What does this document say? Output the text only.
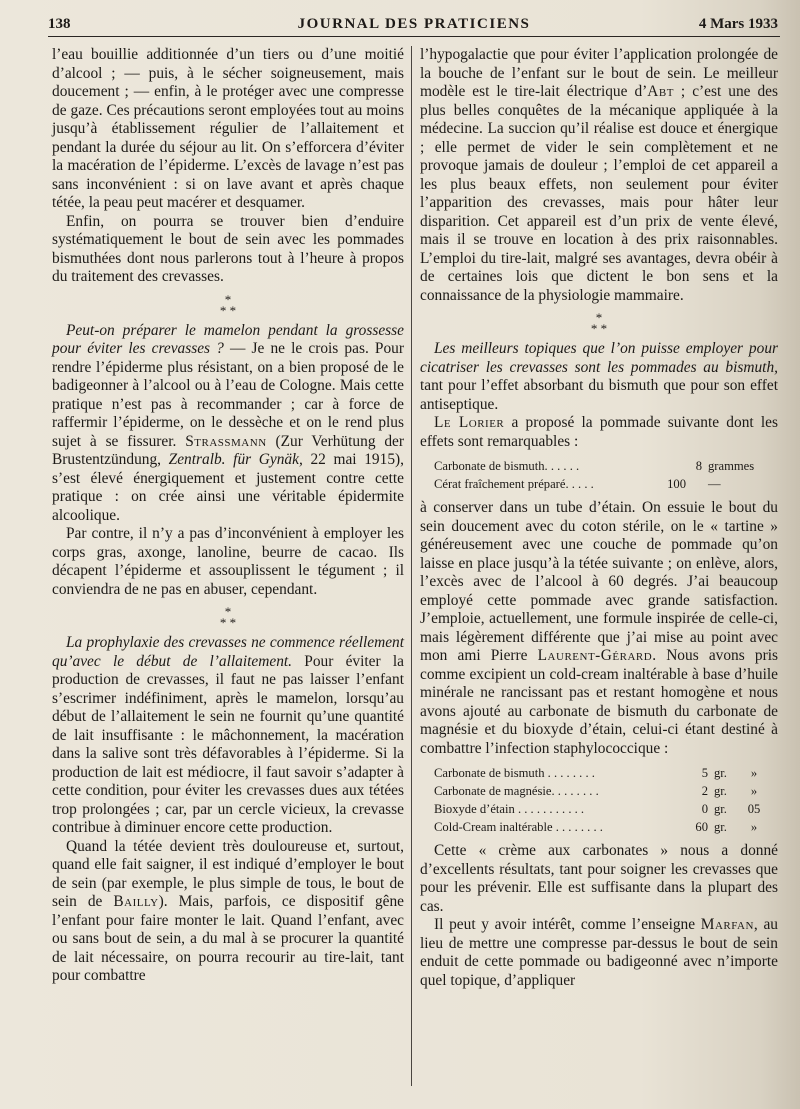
138	JOURNAL DES PRATICIENS	4 Mars 1933

l’eau bouillie additionnée d’un tiers ou d’une moitié d’alcool ; — puis, à le sécher soigneusement, mais doucement ; — enfin, à le protéger avec une compresse de gaze. Ces précautions seront employées tout au moins jusqu’à établissement régulier de l’allaitement et pendant la durée du séjour au lit. On s’efforcera d’éviter la macération de l’épiderme. L’excès de lavage n’est pas sans inconvénient : si on lave avant et après chaque tétée, la peau peut macérer et desquamer.

Enfin, on pourra se trouver bien d’enduire systématiquement le bout de sein avec les pommades bismuthées dont nous parlerons tout à l’heure à propos du traitement des crevasses.

*
* *

Peut-on préparer le mamelon pendant la grossesse pour éviter les crevasses ? — Je ne le crois pas. Pour rendre l’épiderme plus résistant, on a bien proposé de le badigeonner à l’alcool ou à l’eau de Cologne. Mais cette pratique n’est pas à recommander ; car à force de raffermir l’épiderme, on le dessèche et on le rend plus sujet à se fissurer. Strassmann (Zur Verhütung der Brustentzündung, Zentralb. für Gynäk, 22 mai 1915), s’est élevé énergiquement et justement contre cette pratique : on crée ainsi une véritable épidermite alcoolique.

Par contre, il n’y a pas d’inconvénient à employer les corps gras, axonge, lanoline, beurre de cacao. Ils décapent l’épiderme et assouplissent le tégument ; il conviendra de ne pas en abuser, cependant.

*
* *

La prophylaxie des crevasses ne commence réellement qu’avec le début de l’allaitement. Pour éviter la production de crevasses, il faut ne pas laisser l’enfant s’escrimer indéfiniment, après le mamelon, lorsqu’au début de l’allaitement le sein ne fournit qu’une quantité de lait insuffisante : le mâchonnement, la macération dans la salive sont très défavorables à l’épiderme. Si la production de lait est médiocre, il faut savoir s’adapter à cette condition, pour éviter les crevasses dues aux tétées trop prolongées ; car, par un cercle vicieux, la crevasse contribue à diminuer encore cette production.

Quand la tétée devient très douloureuse et, surtout, quand elle fait saigner, il est indiqué d’employer le bout de sein (par exemple, le plus simple de tous, le bout de sein de Bailly). Mais, parfois, ce dispositif gêne l’enfant pour faire monter le lait. Quand l’enfant, avec ou sans bout de sein, a du mal à se procurer la quantité de lait nécessaire, on pourra recourir au tire-lait, tant pour combattre

l’hypogalactie que pour éviter l’application prolongée de la bouche de l’enfant sur le bout de sein. Le meilleur modèle est le tire-lait électrique d’Abt ; c’est une des plus belles conquêtes de la mécanique appliquée à la médecine. La succion qu’il réalise est douce et énergique ; elle permet de vider le sein complètement et ne provoque jamais de douleur ; l’emploi de cet appareil a les plus beaux effets, non seulement pour éviter l’apparition des crevasses, mais pour hâter leur disparition. Cet appareil est d’un prix de vente élevé, mais il se trouve en location à des prix raisonnables. L’emploi du tire-lait, malgré ses avantages, devra obéir à de certaines lois que dictent le bon sens et la connaissance de la physiologie mammaire.

*
* *

Les meilleurs topiques que l’on puisse employer pour cicatriser les crevasses sont les pommades au bismuth, tant pour l’effet absorbant du bismuth que pour son effet antiseptique.

Le Lorier a proposé la pommade suivante dont les effets sont remarquables :

Carbonate de bismuth. . . . . .	8 grammes
Cérat fraîchement préparé. . . . .	100	—

à conserver dans un tube d’étain. On essuie le bout du sein doucement avec du coton stérile, on le « tartine » généreusement avec une couche de pommade qu’on laisse en place jusqu’à la tétée suivante ; on enlève, alors, l’excès avec de l’alcool à 60 degrés. J’ai beaucoup employé cette pommade avec grande satisfaction. J’emploie, actuellement, une formule inspirée de celle-ci, mais légèrement différente que j’ai mise au point avec mon ami Pierre Laurent-Gérard. Nous avons pris comme excipient un cold-cream inaltérable à base d’huile minérale ne rancissant pas et restant homogène et nous avons ajouté au carbonate de bismuth du carbonate de magnésie et du bioxyde d’étain, celui-ci étant destiné à combattre l’infection staphylococcique :

Carbonate de bismuth . . . . . . . .	5 gr.	»
Carbonate de magnésie. . . . . . . .	2 gr.	»
Bioxyde d’étain . . . . . . . . . . .	0 gr.	05
Cold-Cream inaltérable . . . . . . . .	60 gr.	»

Cette « crème aux carbonates » nous a donné d’excellents résultats, tant pour soigner les crevasses que pour les prévenir. Elle est suffisante dans la plupart des cas.

Il peut y avoir intérêt, comme l’enseigne Marfan, au lieu de mettre une compresse par-dessus le bout de sein enduit de cette pommade ou badigeonné avec n’importe quel topique, d’appliquer
